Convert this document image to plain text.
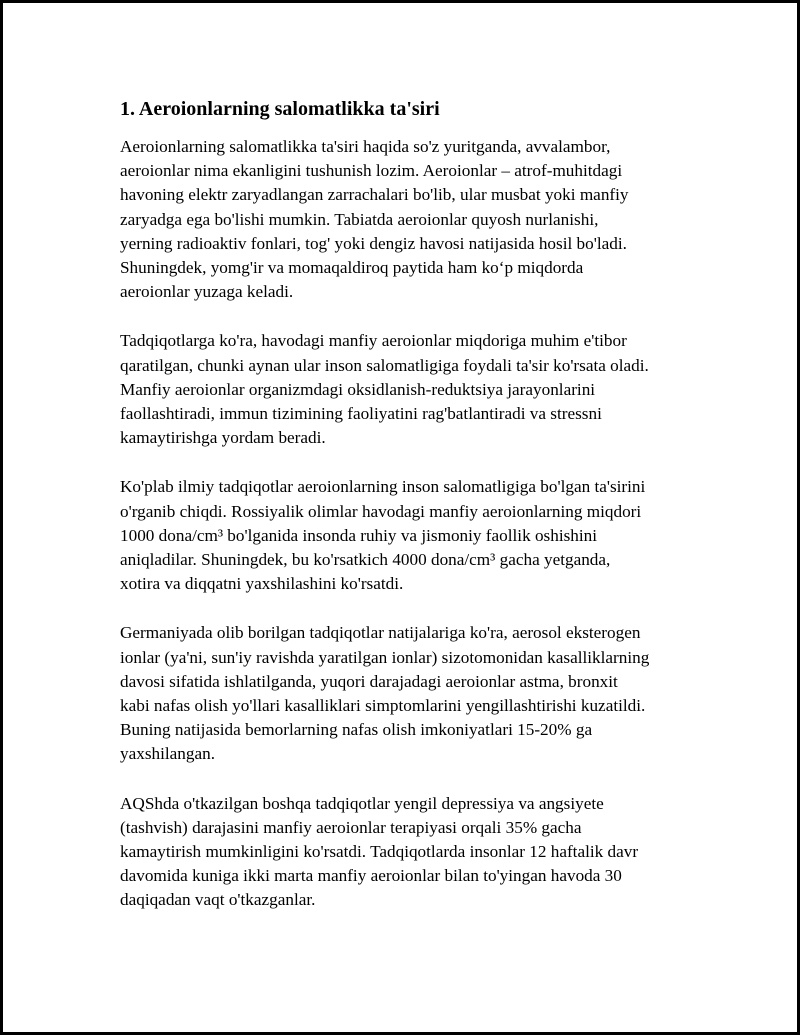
1. Aeroionlarning salomatlikka ta'siri

Aeroionlarning salomatlikka ta'siri haqida so'z yuritganda, avvalambor,
aeroionlar nima ekanligini tushunish lozim. Aeroionlar – atrof-muhitdagi
havoning elektr zaryadlangan zarrachalari bo'lib, ular musbat yoki manfiy
zaryadga ega bo'lishi mumkin. Tabiatda aeroionlar quyosh nurlanishi,
yerning radioaktiv fonlari, tog' yoki dengiz havosi natijasida hosil bo'ladi.
Shuningdek, yomg'ir va momaqaldiroq paytida ham koʻp miqdorda
aeroionlar yuzaga keladi.

Tadqiqotlarga ko'ra, havodagi manfiy aeroionlar miqdoriga muhim e'tibor
qaratilgan, chunki aynan ular inson salomatligiga foydali ta'sir ko'rsata oladi.
Manfiy aeroionlar organizmdagi oksidlanish-reduktsiya jarayonlarini
faollashtiradi, immun tizimining faoliyatini rag'batlantiradi va stressni
kamaytirishga yordam beradi.

Ko'plab ilmiy tadqiqotlar aeroionlarning inson salomatligiga bo'lgan ta'sirini
o'rganib chiqdi. Rossiyalik olimlar havodagi manfiy aeroionlarning miqdori
1000 dona/cm³ bo'lganida insonda ruhiy va jismoniy faollik oshishini
aniqladilar. Shuningdek, bu ko'rsatkich 4000 dona/cm³ gacha yetganda,
xotira va diqqatni yaxshilashini ko'rsatdi.

Germaniyada olib borilgan tadqiqotlar natijalariga ko'ra, aerosol eksterogen
ionlar (ya'ni, sun'iy ravishda yaratilgan ionlar) sizotomonidan kasalliklarning
davosi sifatida ishlatilganda, yuqori darajadagi aeroionlar astma, bronxit
kabi nafas olish yo'llari kasalliklari simptomlarini yengillashtirishi kuzatildi.
Buning natijasida bemorlarning nafas olish imkoniyatlari 15-20% ga
yaxshilangan.

AQShda o'tkazilgan boshqa tadqiqotlar yengil depressiya va angsiyete
(tashvish) darajasini manfiy aeroionlar terapiyasi orqali 35% gacha
kamaytirish mumkinligini ko'rsatdi. Tadqiqotlarda insonlar 12 haftalik davr
davomida kuniga ikki marta manfiy aeroionlar bilan to'yingan havoda 30
daqiqadan vaqt o'tkazganlar.
